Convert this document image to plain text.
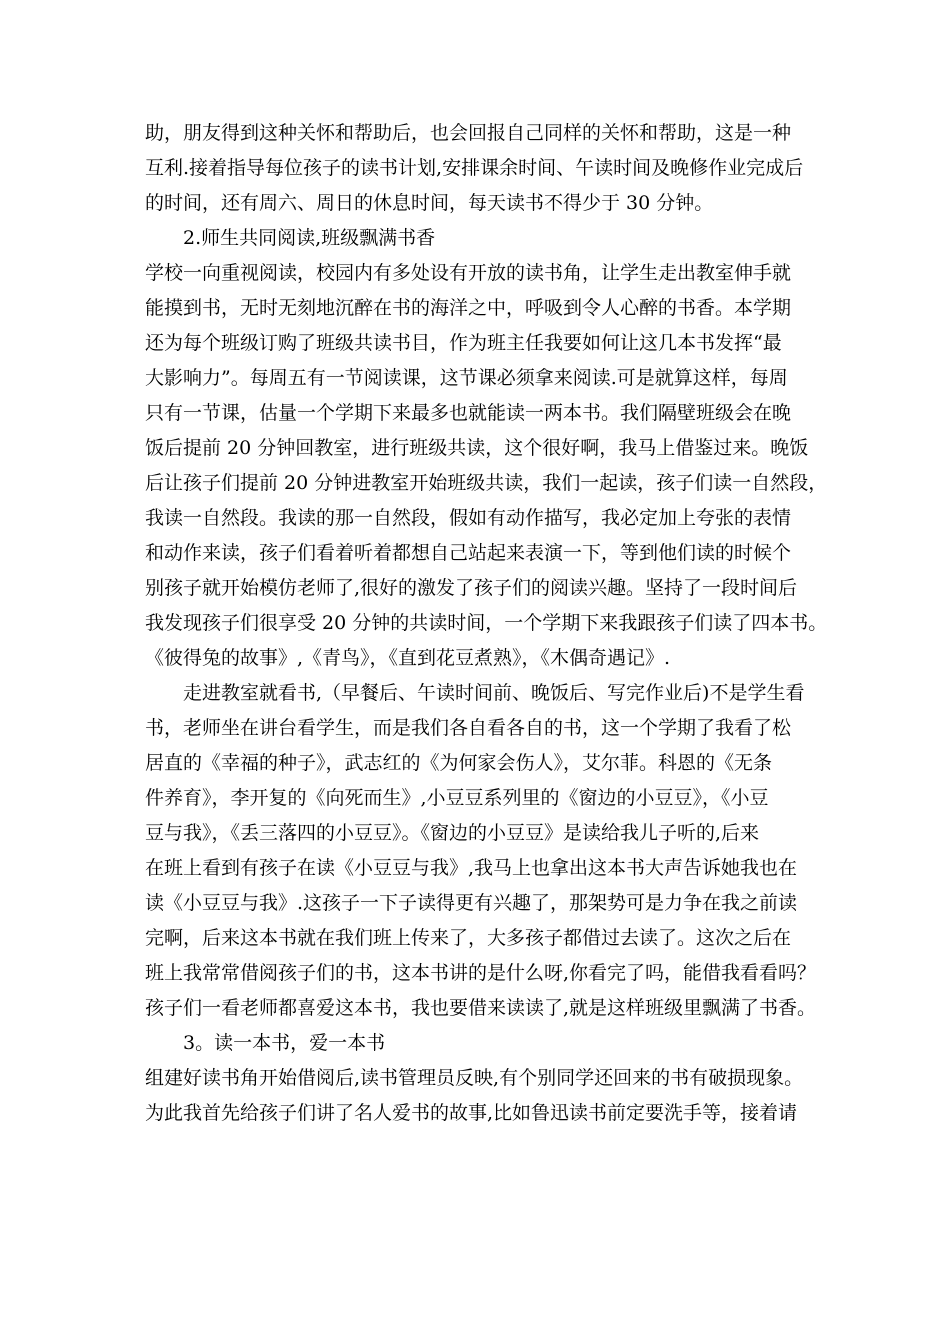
助，朋友得到这种关怀和帮助后，也会回报自己同样的关怀和帮助，这是一种
互利.接着指导每位孩子的读书计划,安排课余时间、午读时间及晚修作业完成后
的时间，还有周六、周日的休息时间，每天读书不得少于 30 分钟。

2.师生共同阅读,班级飘满书香

学校一向重视阅读，校园内有多处设有开放的读书角，让学生走出教室伸手就
能摸到书，无时无刻地沉醉在书的海洋之中，呼吸到令人心醉的书香。本学期
还为每个班级订购了班级共读书目，作为班主任我要如何让这几本书发挥“最
大影响力”。每周五有一节阅读课，这节课必须拿来阅读.可是就算这样，每周
只有一节课，估量一个学期下来最多也就能读一两本书。我们隔壁班级会在晚
饭后提前 20 分钟回教室，进行班级共读，这个很好啊，我马上借鉴过来。晚饭
后让孩子们提前 20 分钟进教室开始班级共读，我们一起读，孩子们读一自然段，
我读一自然段。我读的那一自然段，假如有动作描写，我必定加上夸张的表情
和动作来读，孩子们看着听着都想自己站起来表演一下，等到他们读的时候个
别孩子就开始模仿老师了,很好的激发了孩子们的阅读兴趣。坚持了一段时间后
我发现孩子们很享受 20 分钟的共读时间，一个学期下来我跟孩子们读了四本书。
《彼得兔的故事》,《青鸟》，《直到花豆煮熟》，《木偶奇遇记》.

走进教室就看书,（早餐后、午读时间前、晚饭后、写完作业后)不是学生看
书，老师坐在讲台看学生，而是我们各自看各自的书，这一个学期了我看了松
居直的《幸福的种子》，武志红的《为何家会伤人》，艾尔菲。科恩的《无条
件养育》，李开复的《向死而生》,小豆豆系列里的《窗边的小豆豆》，《小豆
豆与我》，《丢三落四的小豆豆》。《窗边的小豆豆》是读给我儿子听的,后来
在班上看到有孩子在读《小豆豆与我》,我马上也拿出这本书大声告诉她我也在
读《小豆豆与我》.这孩子一下子读得更有兴趣了，那架势可是力争在我之前读
完啊，后来这本书就在我们班上传来了，大多孩子都借过去读了。这次之后在
班上我常常借阅孩子们的书，这本书讲的是什么呀,你看完了吗，能借我看看吗？
孩子们一看老师都喜爱这本书，我也要借来读读了,就是这样班级里飘满了书香。

3。读一本书，爱一本书

组建好读书角开始借阅后,读书管理员反映,有个别同学还回来的书有破损现象。
为此我首先给孩子们讲了名人爱书的故事,比如鲁迅读书前定要洗手等，接着请
